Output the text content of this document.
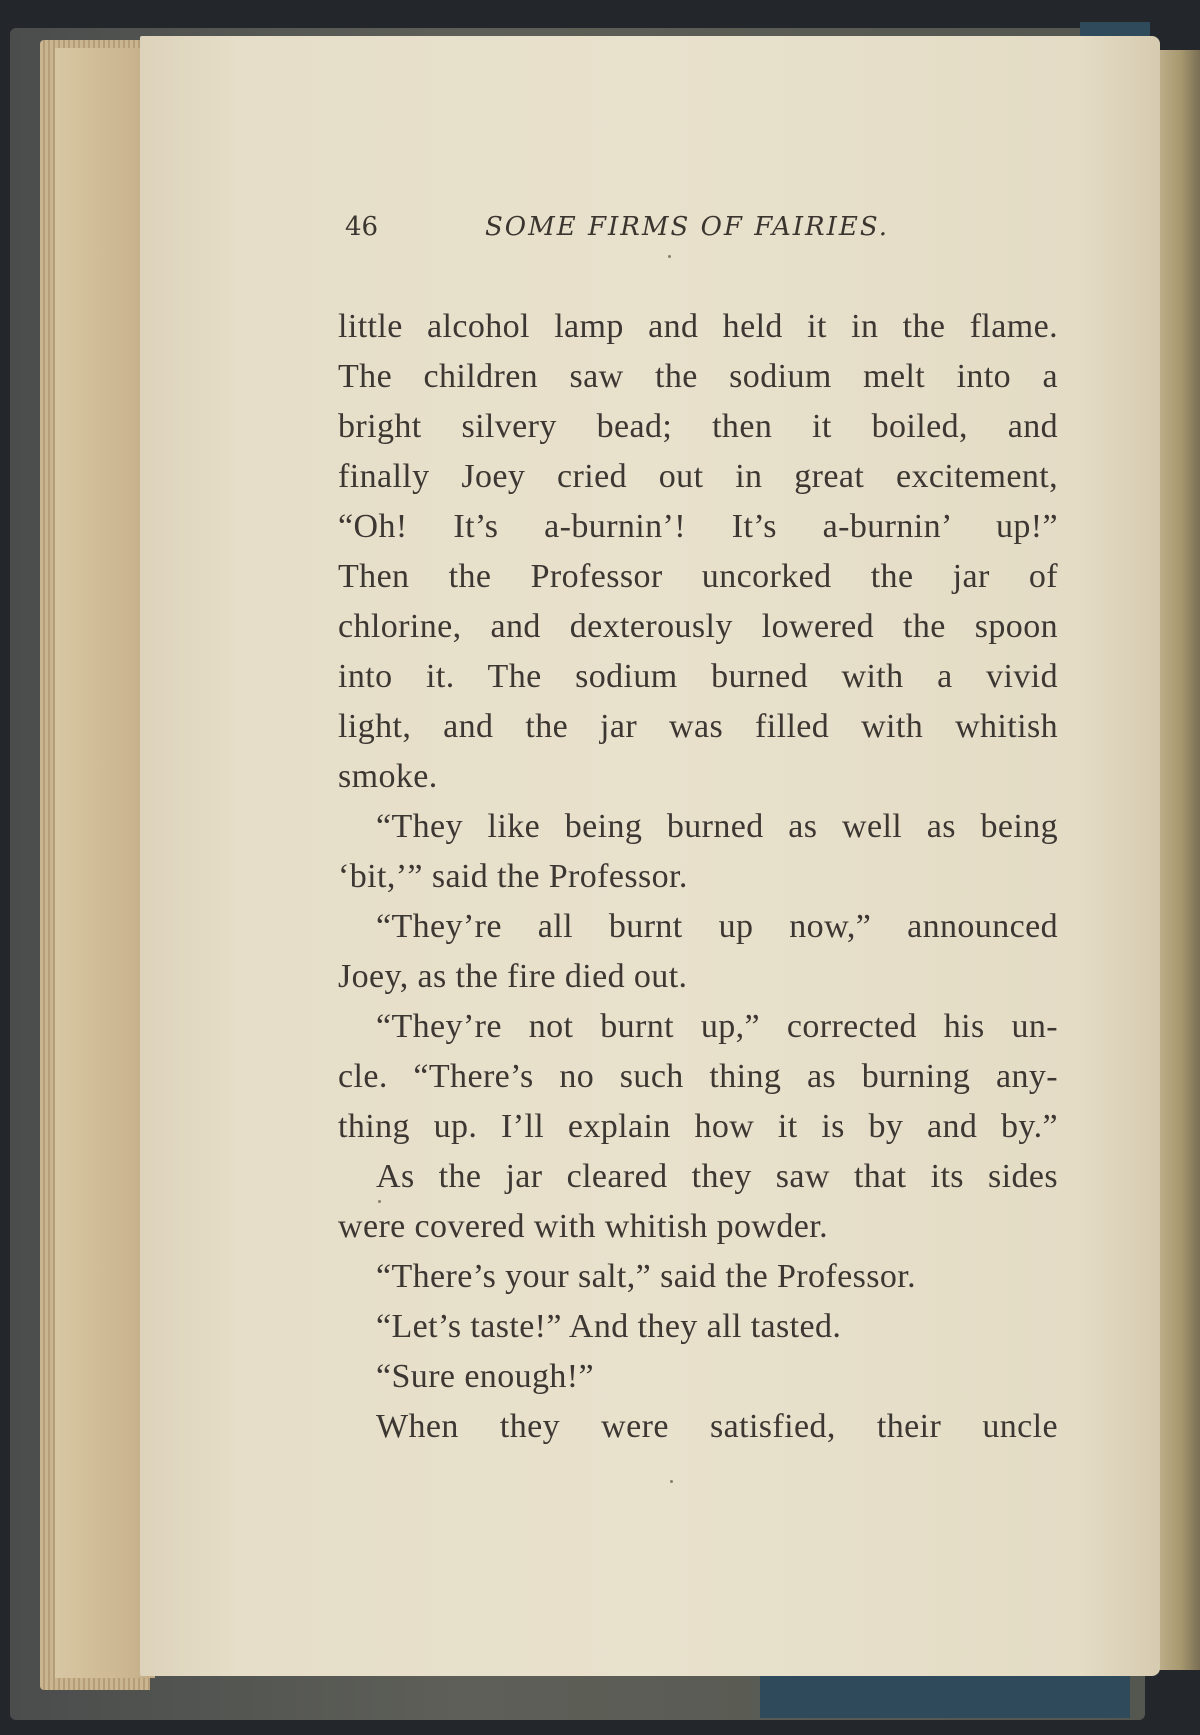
46	SOME FIRMS OF FAIRIES.
little alcohol lamp and held it in the flame.
The children saw the sodium melt into a
bright silvery bead; then it boiled, and
finally Joey cried out in great excitement,
“Oh! It’s a-burnin’! It’s a-burnin’ up!”
Then the Professor uncorked the jar of
chlorine, and dexterously lowered the spoon
into it. The sodium burned with a vivid
light, and the jar was filled with whitish
smoke.
“They like being burned as well as being
‘bit,’” said the Professor.
“They’re all burnt up now,” announced
Joey, as the fire died out.
“They’re not burnt up,” corrected his un-
cle. “There’s no such thing as burning any-
thing up. I’ll explain how it is by and by.”
As the jar cleared they saw that its sides
were covered with whitish powder.
“There’s your salt,” said the Professor.
“Let’s taste!” And they all tasted.
“Sure enough!”
When they were satisfied, their uncle
